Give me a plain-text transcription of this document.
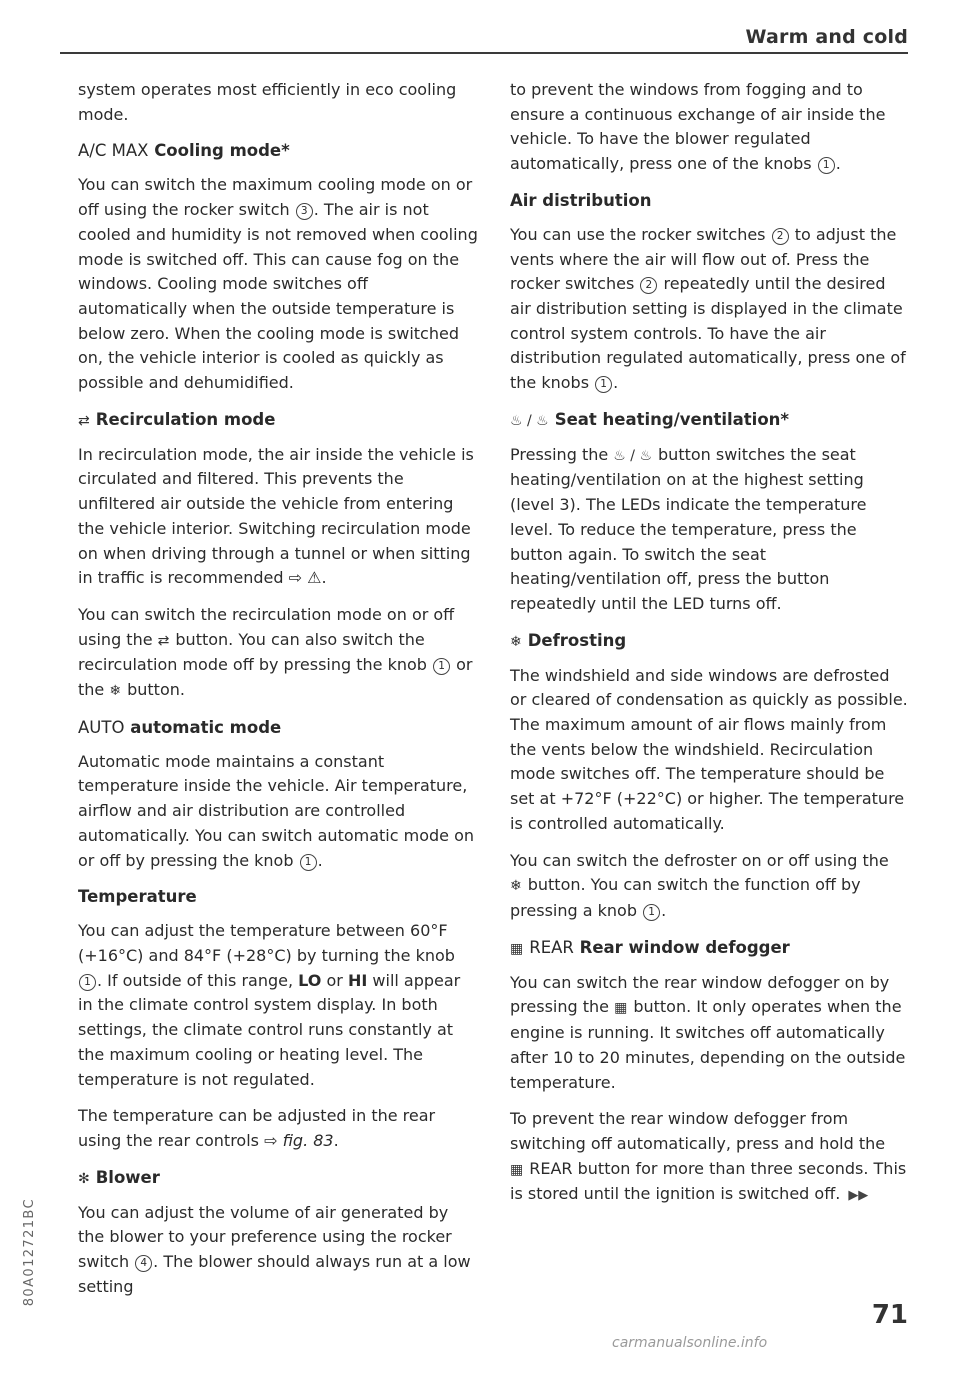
Warm and cold

system operates most efficiently in eco cooling mode.

A/C MAX Cooling mode*

You can switch the maximum cooling mode on or off using the rocker switch 3 . The air is not cooled and humidity is not removed when cooling mode is switched off. This can cause fog on the windows. Cooling mode switches off automatically when the outside temperature is below zero. When the cooling mode is switched on, the vehicle interior is cooled as quickly as possible and dehumidified.

⇄ Recirculation mode

In recirculation mode, the air inside the vehicle is circulated and filtered. This prevents the unfiltered air outside the vehicle from entering the vehicle interior. Switching recirculation mode on when driving through a tunnel or when sitting in traffic is recommended ⇨ ⚠.

You can switch the recirculation mode on or off using the ⇄ button. You can also switch the recirculation mode off by pressing the knob 1 or the ❄ button.

AUTO automatic mode

Automatic mode maintains a constant temperature inside the vehicle. Air temperature, airflow and air distribution are controlled automatically. You can switch automatic mode on or off by pressing the knob 1 .

Temperature

You can adjust the temperature between 60°F (+16°C) and 84°F (+28°C) by turning the knob 1 . If outside of this range, LO or HI will appear in the climate control system display. In both settings, the climate control runs constantly at the maximum cooling or heating level. The temperature is not regulated.

The temperature can be adjusted in the rear using the rear controls ⇨ fig. 83.

✻ Blower

You can adjust the volume of air generated by the blower to your preference using the rocker switch 4 . The blower should always run at a low setting

to prevent the windows from fogging and to ensure a continuous exchange of air inside the vehicle. To have the blower regulated automatically, press one of the knobs 1 .

Air distribution

You can use the rocker switches 2 to adjust the vents where the air will flow out of. Press the rocker switches 2 repeatedly until the desired air distribution setting is displayed in the climate control system controls. To have the air distribution regulated automatically, press one of the knobs 1 .

♨ / ♨ Seat heating/ventilation*

Pressing the ♨ / ♨ button switches the seat heating/ventilation on at the highest setting (level 3). The LEDs indicate the temperature level. To reduce the temperature, press the button again. To switch the seat heating/ventilation off, press the button repeatedly until the LED turns off.

❄ Defrosting

The windshield and side windows are defrosted or cleared of condensation as quickly as possible. The maximum amount of air flows mainly from the vents below the windshield. Recirculation mode switches off. The temperature should be set at +72°F (+22°C) or higher. The temperature is controlled automatically.

You can switch the defroster on or off using the ❄ button. You can switch the function off by pressing a knob 1 .

▦ REAR Rear window defogger

You can switch the rear window defogger on by pressing the ▦ button. It only operates when the engine is running. It switches off automatically after 10 to 20 minutes, depending on the outside temperature.

To prevent the rear window defogger from switching off automatically, press and hold the ▦ REAR button for more than three seconds. This is stored until the ignition is switched off. ▶▶

80A012721BC
71
carmanualsonline.info
